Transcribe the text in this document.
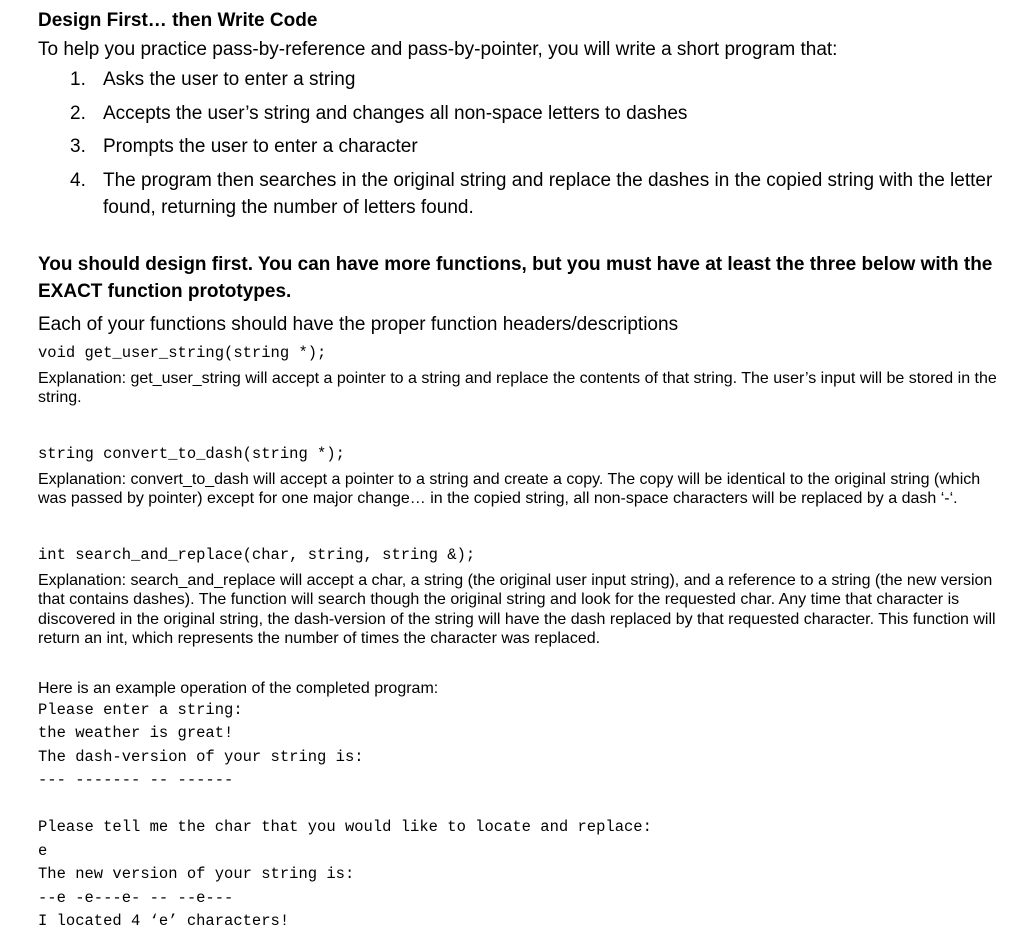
Design First… then Write Code

To help you practice pass-by-reference and pass-by-pointer, you will write a short program that:

1. Asks the user to enter a string
2. Accepts the user’s string and changes all non-space letters to dashes
3. Prompts the user to enter a character
4. The program then searches in the original string and replace the dashes in the copied string with the letter found, returning the number of letters found.

You should design first. You can have more functions, but you must have at least the three below with the EXACT function prototypes.

Each of your functions should have the proper function headers/descriptions

void get_user_string(string *);

Explanation: get_user_string will accept a pointer to a string and replace the contents of that string. The user’s input will be stored in the string.

string convert_to_dash(string *);

Explanation: convert_to_dash will accept a pointer to a string and create a copy. The copy will be identical to the original string (which was passed by pointer) except for one major change… in the copied string, all non-space characters will be replaced by a dash ‘-‘.

int search_and_replace(char, string, string &);

Explanation: search_and_replace will accept a char, a string (the original user input string), and a reference to a string (the new version that contains dashes). The function will search though the original string and look for the requested char. Any time that character is discovered in the original string, the dash-version of the string will have the dash replaced by that requested character. This function will return an int, which represents the number of times the character was replaced.

Here is an example operation of the completed program:

Please enter a string:

the weather is great!

The dash-version of your string is:

--- ------- -- ------

Please tell me the char that you would like to locate and replace:

e

The new version of your string is:

--e -e---e- -- --e---

I located 4 ‘e’ characters!
